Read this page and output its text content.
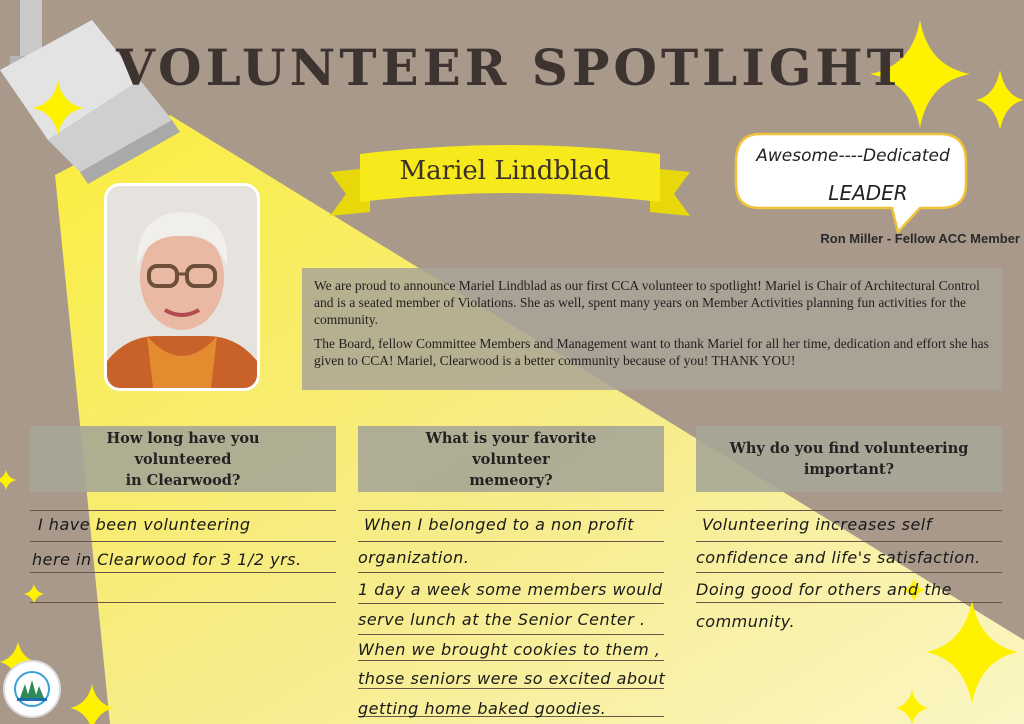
VOLUNTEER SPOTLIGHT
Mariel Lindblad	Awesome----Dedicated
LEADER
Ron Miller - Fellow ACC Member

We are proud to announce Mariel Lindblad as our first CCA volunteer to spotlight! Mariel is Chair of Architectural Control and is a seated member of Violations. She as well, spent many years on Member Activities planning fun activities for the community.

The Board, fellow Committee Members and Management want to thank Mariel for all her time, dedication and effort she has given to CCA! Mariel, Clearwood is a better community because of you! THANK YOU!

How long have you volunteered
in Clearwood?
What is your favorite volunteer
memeory?
Why do you find volunteering
important?
I have been volunteering
here in Clearwood for 3 1/2 yrs.
When I belonged to a non profit
organization.
1 day a week some members would
serve lunch at the Senior Center .
When we brought cookies to them ,
those seniors were so excited about
getting home baked goodies.
Volunteering increases self
confidence and life's satisfaction.
Doing good for others and the
community.
